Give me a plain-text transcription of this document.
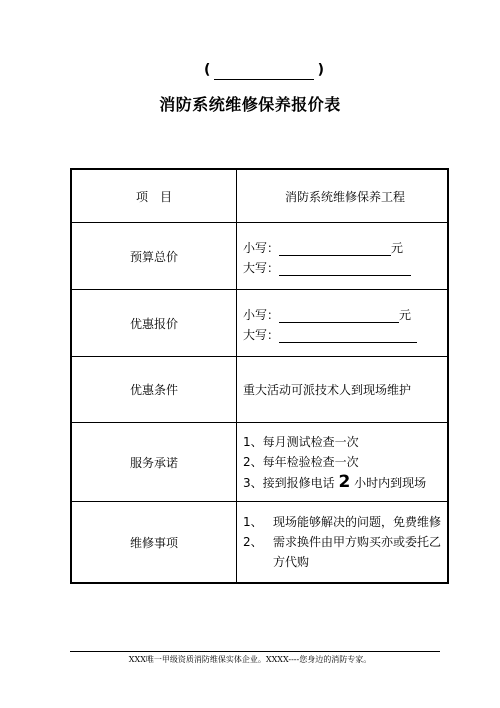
(	)
消防系统维修保养报价表
项　目	消防系统维修保养工程
预算总价	小写： 元
大写：

优惠报价	小写： 元
大写：

优惠条件	重大活动可派技术人到现场维护
服务承诺	1、每月测试检查一次
2、每年检验检查一次
3、接到报修电话 2 小时内到现场

维修事项	1、 现场能够解决的问题，免费维修
2、 需求换件由甲方购买亦或委托乙方代购
XXX唯一甲级资质消防维保实体企业。XXXX----您身边的消防专家。
